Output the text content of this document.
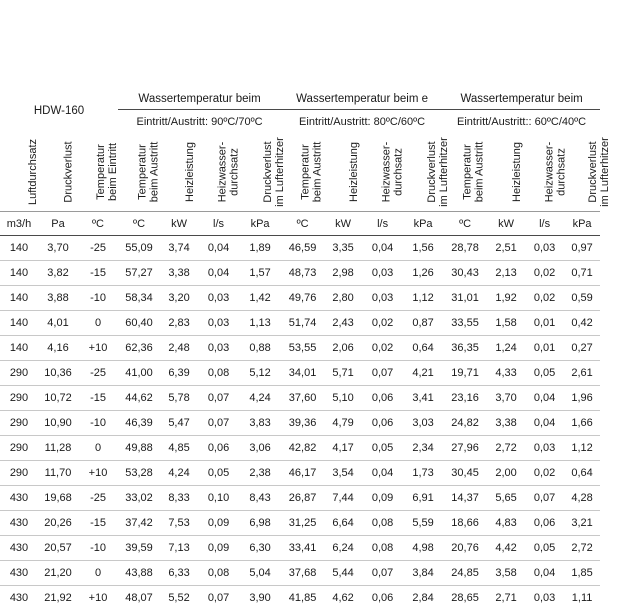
HDW-160			Wassertemperatur beim				Wassertemperatur beim e				Wassertemperatur beim			
			Eintritt/Austritt: 90ºC/70ºC				Eintritt/Austritt: 80ºC/60ºC				Eintritt/Austritt:: 60ºC/40ºC			

Luftdurchsatz	Druckverlust	Temperatur beim Eintritt	Temperatur beim Austritt	Heizleistung	Heizwasser- durchsatz	Druckverlust im Lufterhitzer	Temperatur beim Austritt	Heizleistung	Heizwasser- durchsatz	Druckverlust im Lufterhitzer	Temperatur beim Austritt	Heizleistung	Heizwasser- durchsatz	Druckverlust im Lufterhitzer

m3/h	Pa	ºC	ºC	kW	l/s	kPa	ºC	kW	l/s	kPa	ºC	kW	l/s	kPa
140	3,70	-25	55,09	3,74	0,04	1,89	46,59	3,35	0,04	1,56	28,78	2,51	0,03	0,97
140	3,82	-15	57,27	3,38	0,04	1,57	48,73	2,98	0,03	1,26	30,43	2,13	0,02	0,71
140	3,88	-10	58,34	3,20	0,03	1,42	49,76	2,80	0,03	1,12	31,01	1,92	0,02	0,59
140	4,01	0	60,40	2,83	0,03	1,13	51,74	2,43	0,02	0,87	33,55	1,58	0,01	0,42
140	4,16	+10	62,36	2,48	0,03	0,88	53,55	2,06	0,02	0,64	36,35	1,24	0,01	0,27
290	10,36	-25	41,00	6,39	0,08	5,12	34,01	5,71	0,07	4,21	19,71	4,33	0,05	2,61
290	10,72	-15	44,62	5,78	0,07	4,24	37,60	5,10	0,06	3,41	23,16	3,70	0,04	1,96
290	10,90	-10	46,39	5,47	0,07	3,83	39,36	4,79	0,06	3,03	24,82	3,38	0,04	1,66
290	11,28	0	49,88	4,85	0,06	3,06	42,82	4,17	0,05	2,34	27,96	2,72	0,03	1,12
290	11,70	+10	53,28	4,24	0,05	2,38	46,17	3,54	0,04	1,73	30,45	2,00	0,02	0,64
430	19,68	-25	33,02	8,33	0,10	8,43	26,87	7,44	0,09	6,91	14,37	5,65	0,07	4,28
430	20,26	-15	37,42	7,53	0,09	6,98	31,25	6,64	0,08	5,59	18,66	4,83	0,06	3,21
430	20,57	-10	39,59	7,13	0,09	6,30	33,41	6,24	0,08	4,98	20,76	4,42	0,05	2,72
430	21,20	0	43,88	6,33	0,08	5,04	37,68	5,44	0,07	3,84	24,85	3,58	0,04	1,85
430	21,92	+10	48,07	5,52	0,07	3,90	41,85	4,62	0,06	2,84	28,65	2,71	0,03	1,11
